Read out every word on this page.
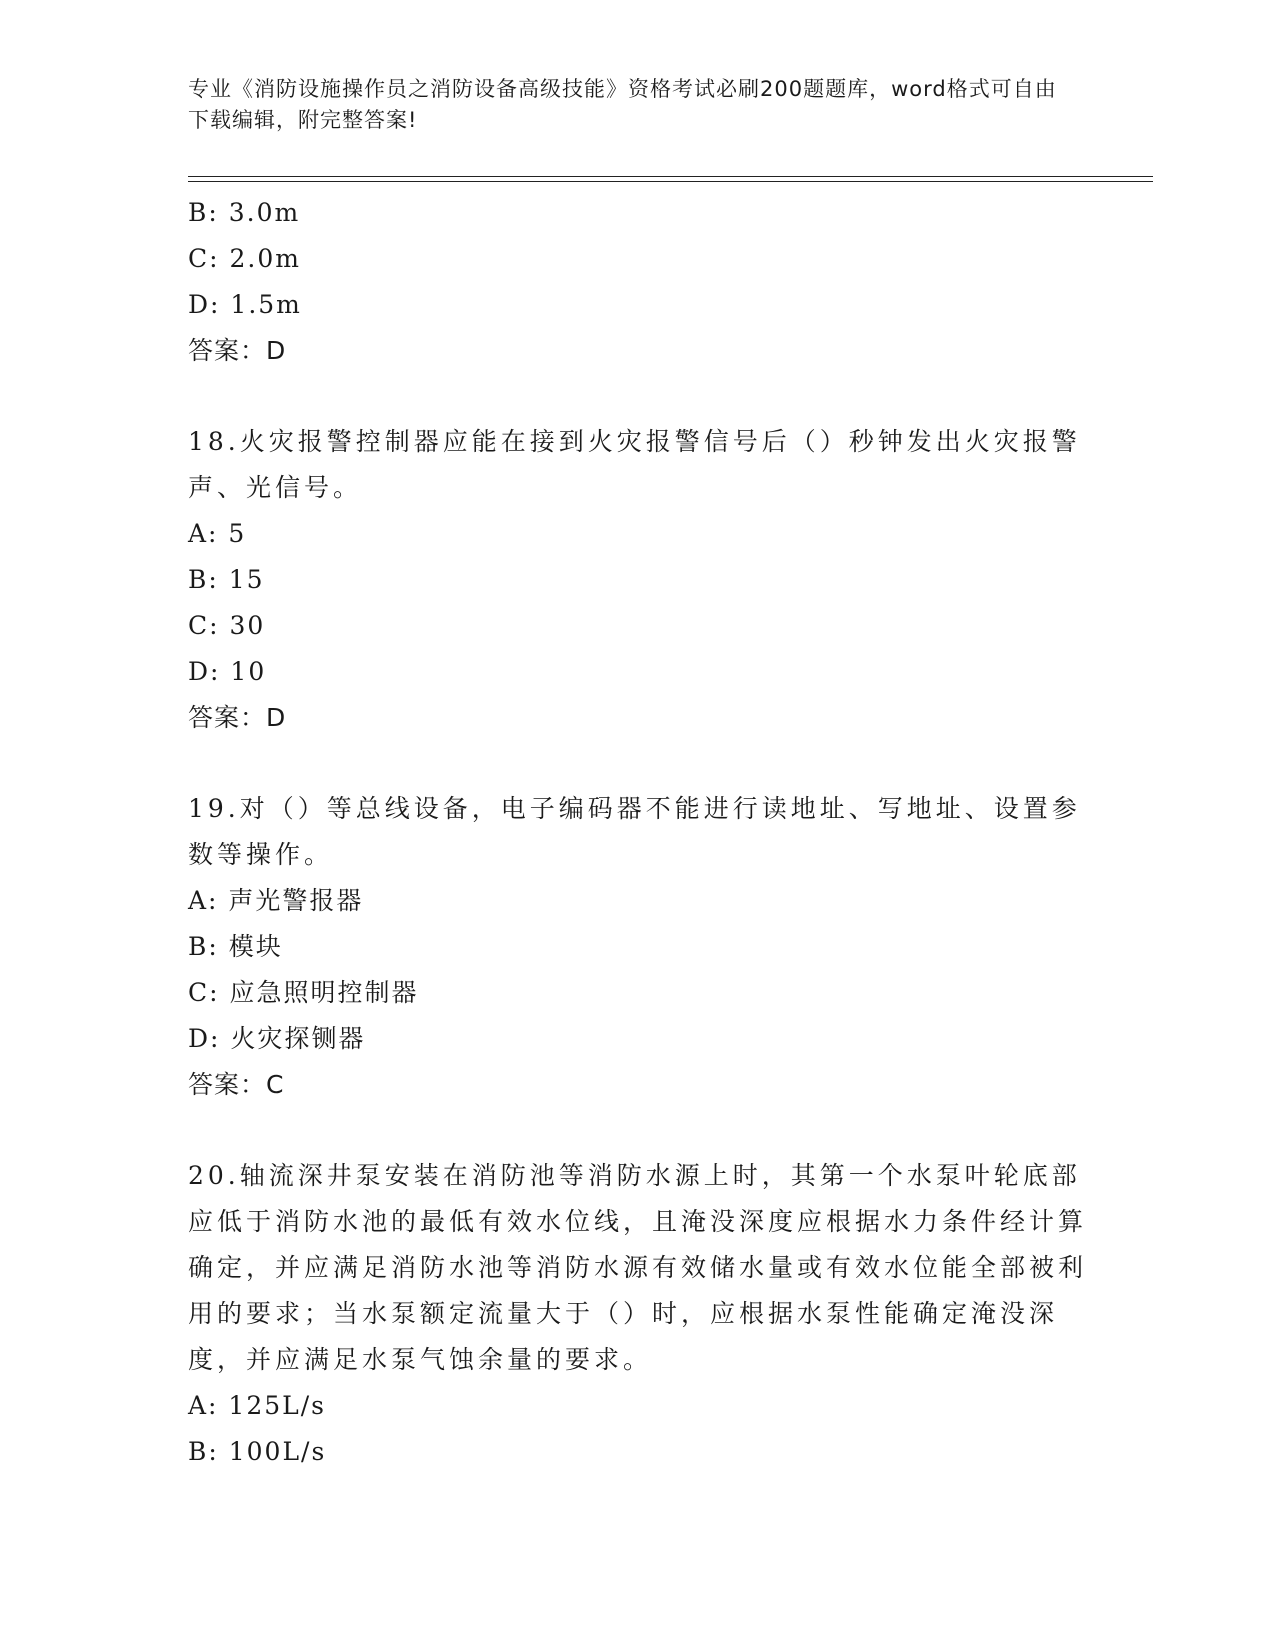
专业《消防设施操作员之消防设备高级技能》资格考试必刷200题题库，word格式可自由下载编辑，附完整答案!
B: 3.0m
C: 2.0m
D: 1.5m
答案：D
18.火灾报警控制器应能在接到火灾报警信号后（）秒钟发出火灾报警声、光信号。
A: 5
B: 15
C: 30
D: 10
答案：D
19.对（）等总线设备，电子编码器不能进行读地址、写地址、设置参数等操作。
A: 声光警报器
B: 模块
C: 应急照明控制器
D: 火灾探铡器
答案：C
20.轴流深井泵安装在消防池等消防水源上时，其第一个水泵叶轮底部应低于消防水池的最低有效水位线，且淹没深度应根据水力条件经计算确定，并应满足消防水池等消防水源有效储水量或有效水位能全部被利用的要求；当水泵额定流量大于（）时，应根据水泵性能确定淹没深度，并应满足水泵气蚀余量的要求。
A: 125L/s
B: 100L/s
